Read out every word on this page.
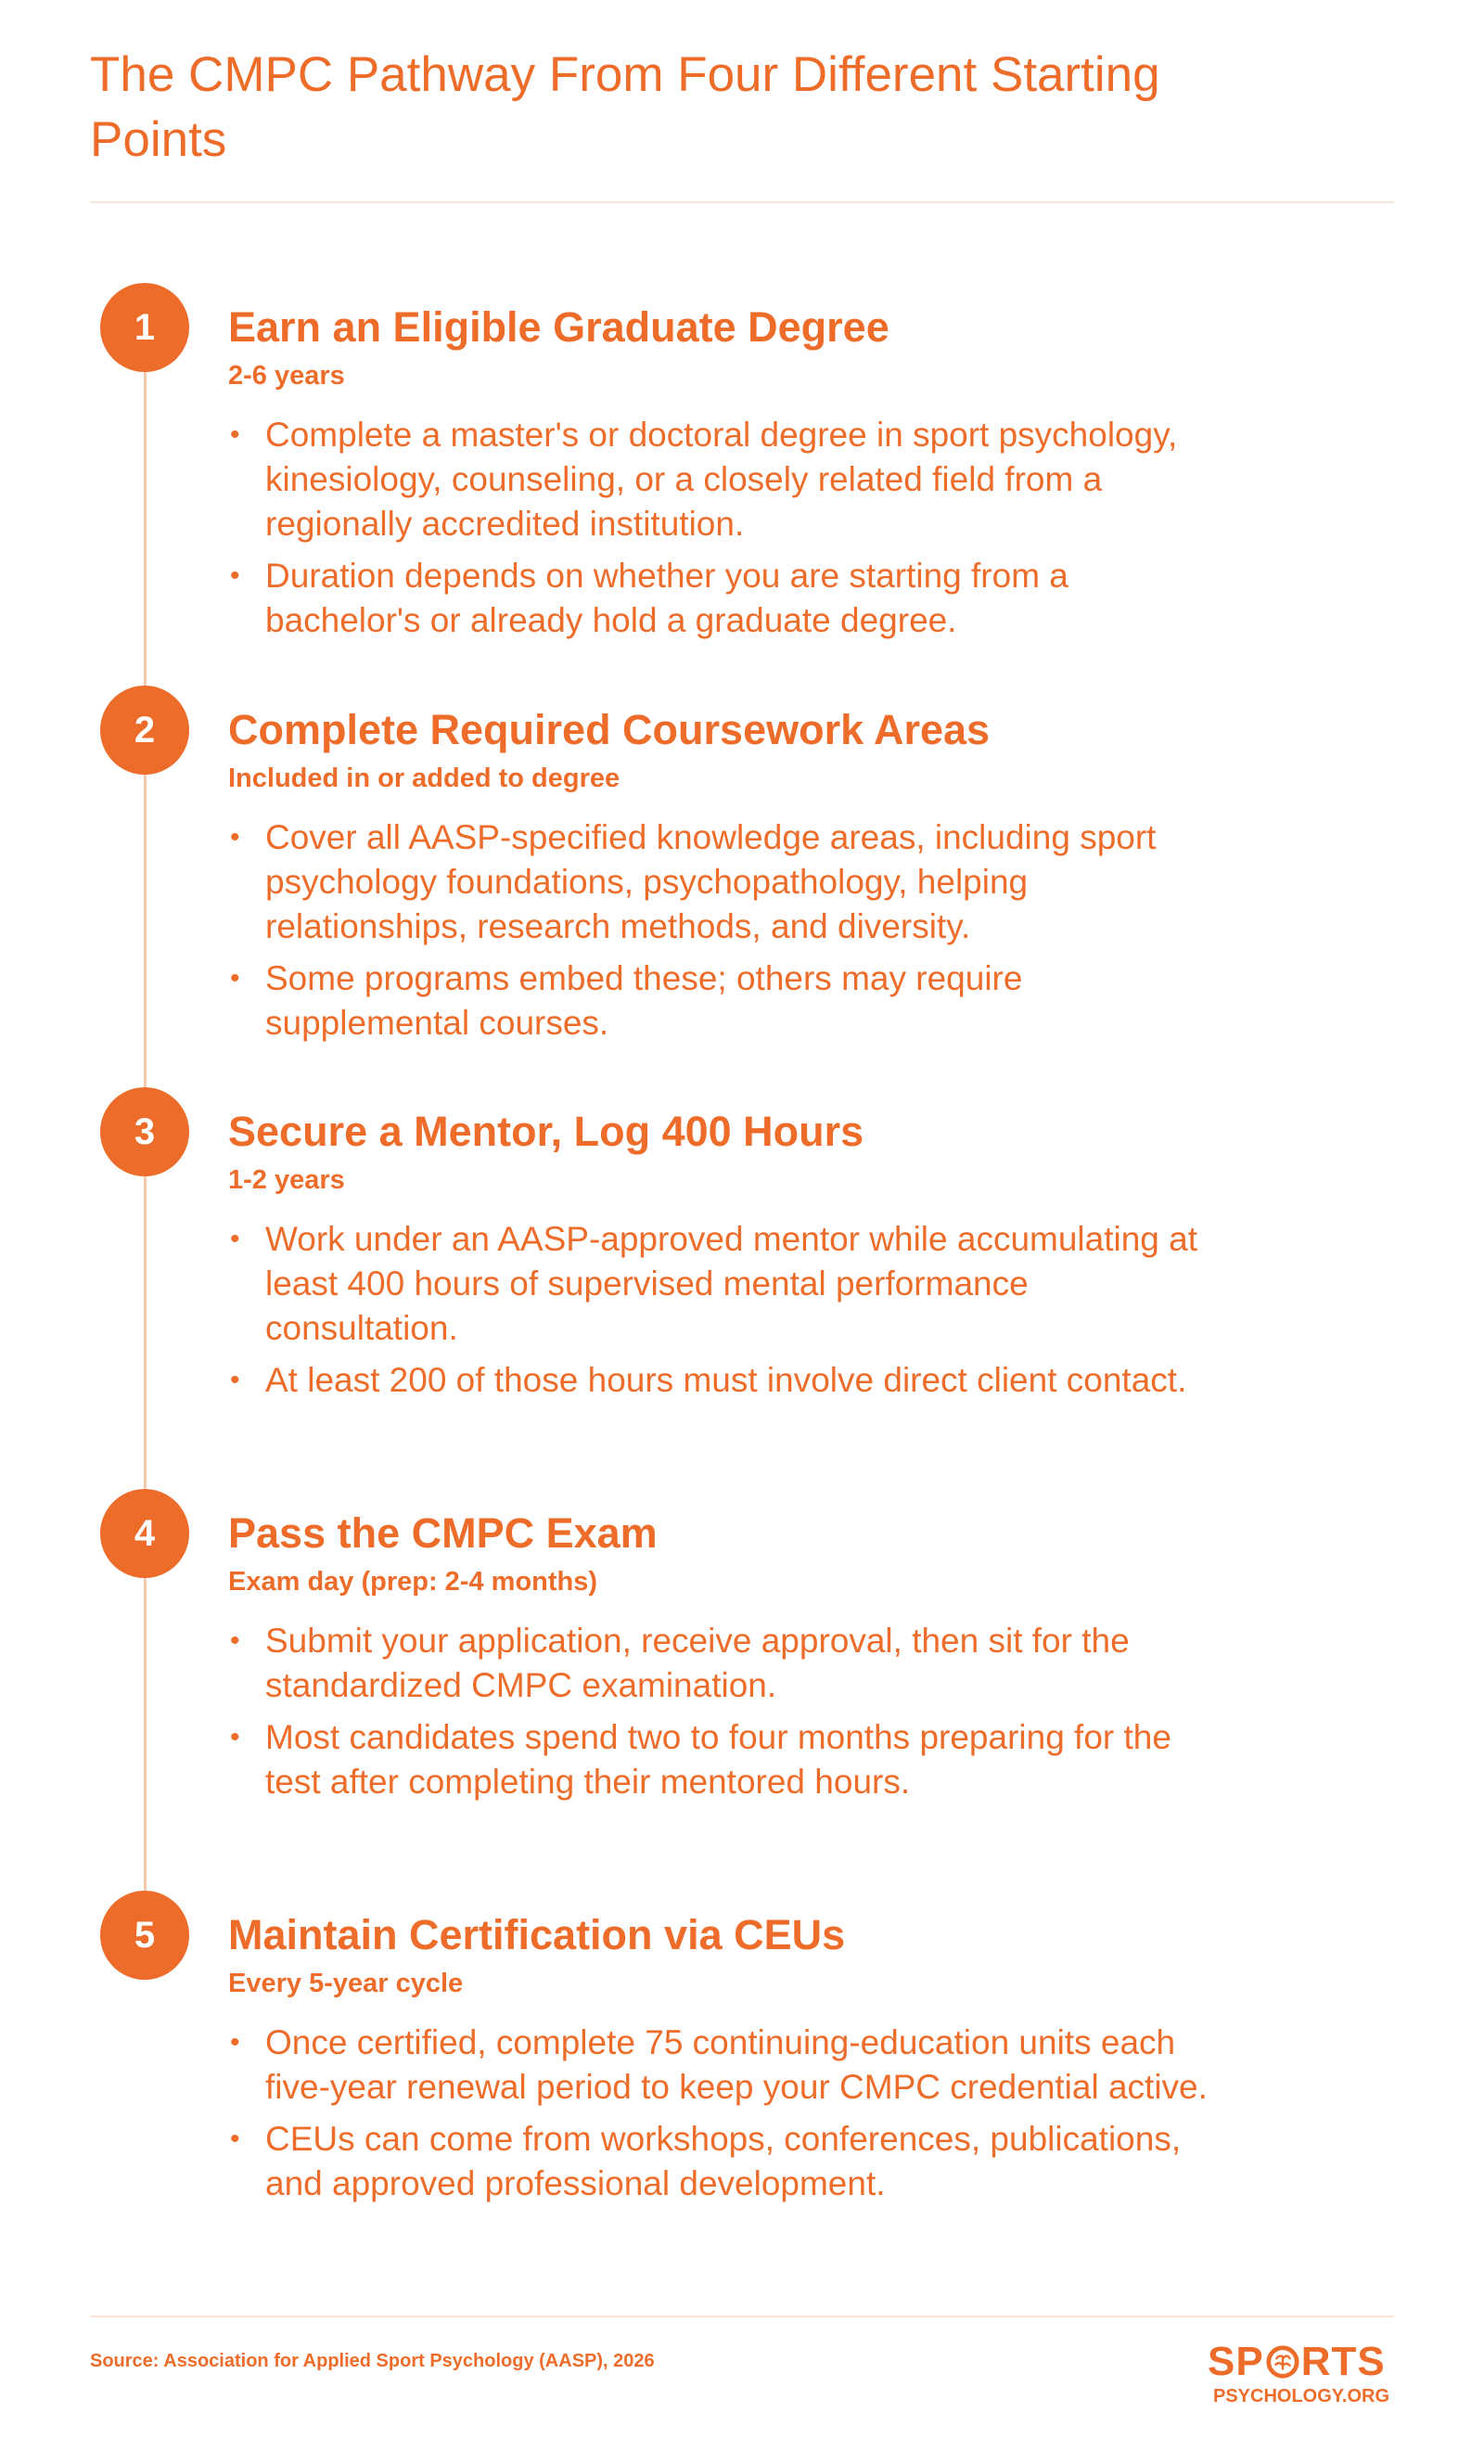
The CMPC Pathway From Four Different Starting Points
1	Earn an Eligible Graduate Degree
2-6 years
• Complete a master's or doctoral degree in sport psychology, kinesiology, counseling, or a closely related field from a regionally accredited institution.
• Duration depends on whether you are starting from a bachelor's or already hold a graduate degree.
2	Complete Required Coursework Areas
Included in or added to degree
• Cover all AASP-specified knowledge areas, including sport psychology foundations, psychopathology, helping relationships, research methods, and diversity.
• Some programs embed these; others may require supplemental courses.
3	Secure a Mentor, Log 400 Hours
1-2 years
• Work under an AASP-approved mentor while accumulating at least 400 hours of supervised mental performance consultation.
• At least 200 of those hours must involve direct client contact.
4	Pass the CMPC Exam
Exam day (prep: 2-4 months)
• Submit your application, receive approval, then sit for the standardized CMPC examination.
• Most candidates spend two to four months preparing for the test after completing their mentored hours.
5	Maintain Certification via CEUs
Every 5-year cycle
• Once certified, complete 75 continuing-education units each five-year renewal period to keep your CMPC credential active.
• CEUs can come from workshops, conferences, publications, and approved professional development.
Source: Association for Applied Sport Psychology (AASP), 2026	SP RTS
PSYCHOLOGY.ORG
